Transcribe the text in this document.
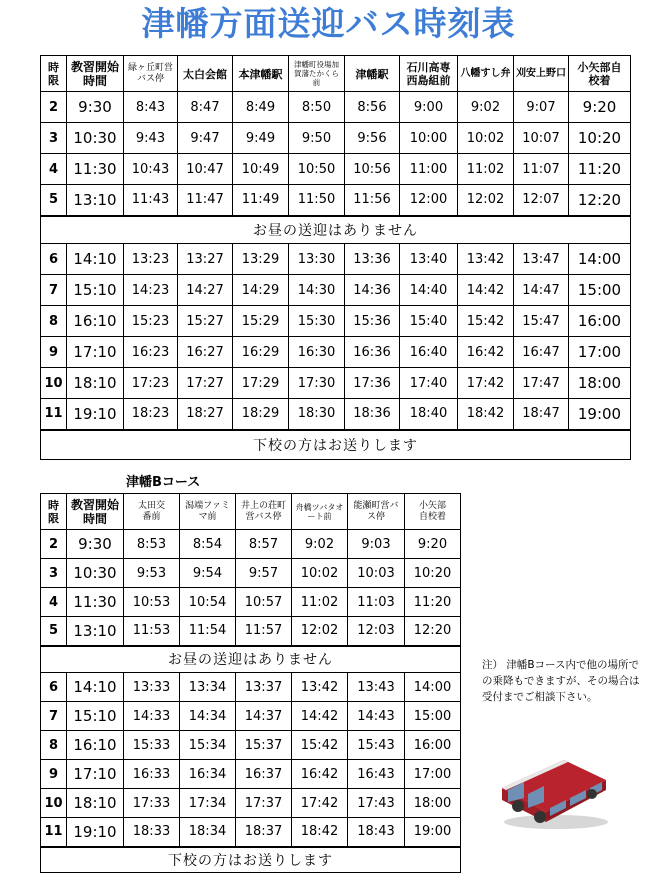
津幡方面送迎バス時刻表
時限	教習開始時間	緑ヶ丘町営バス停	太白会館	本津幡駅	津幡町役場加賀藩たかくら前	津幡駅	石川高専西島組前	八幡すし弁	刈安上野口	小矢部自校着
2	9:30	8:43	8:47	8:49	8:50	8:56	9:00	9:02	9:07	9:20
3	10:30	9:43	9:47	9:49	9:50	9:56	10:00	10:02	10:07	10:20
4	11:30	10:43	10:47	10:49	10:50	10:56	11:00	11:02	11:07	11:20
5	13:10	11:43	11:47	11:49	11:50	11:56	12:00	12:02	12:07	12:20
お昼の送迎はありません										
6	14:10	13:23	13:27	13:29	13:30	13:36	13:40	13:42	13:47	14:00
7	15:10	14:23	14:27	14:29	14:30	14:36	14:40	14:42	14:47	15:00
8	16:10	15:23	15:27	15:29	15:30	15:36	15:40	15:42	15:47	16:00
9	17:10	16:23	16:27	16:29	16:30	16:36	16:40	16:42	16:47	17:00
10	18:10	17:23	17:27	17:29	17:30	17:36	17:40	17:42	17:47	18:00
11	19:10	18:23	18:27	18:29	18:30	18:36	18:40	18:42	18:47	19:00
下校の方はお送りします										
津幡Bコース
時限	教習開始時間	太田交番前	潟端ファミマ前	井上の荘町営バス停	舟橋ツバタオート前	能瀬町営バス停	小矢部自校着
2	9:30	8:53	8:54	8:57	9:02	9:03	9:20
3	10:30	9:53	9:54	9:57	10:02	10:03	10:20
4	11:30	10:53	10:54	10:57	11:02	11:03	11:20
5	13:10	11:53	11:54	11:57	12:02	12:03	12:20
お昼の送迎はありません							
6	14:10	13:33	13:34	13:37	13:42	13:43	14:00
7	15:10	14:33	14:34	14:37	14:42	14:43	15:00
8	16:10	15:33	15:34	15:37	15:42	15:43	16:00
9	17:10	16:33	16:34	16:37	16:42	16:43	17:00
10	18:10	17:33	17:34	17:37	17:42	17:43	18:00
11	19:10	18:33	18:34	18:37	18:42	18:43	19:00
下校の方はお送りします							
注） 津幡Bコース内で他の場所での乗降もできますが、その場合は受付までご相談下さい。
